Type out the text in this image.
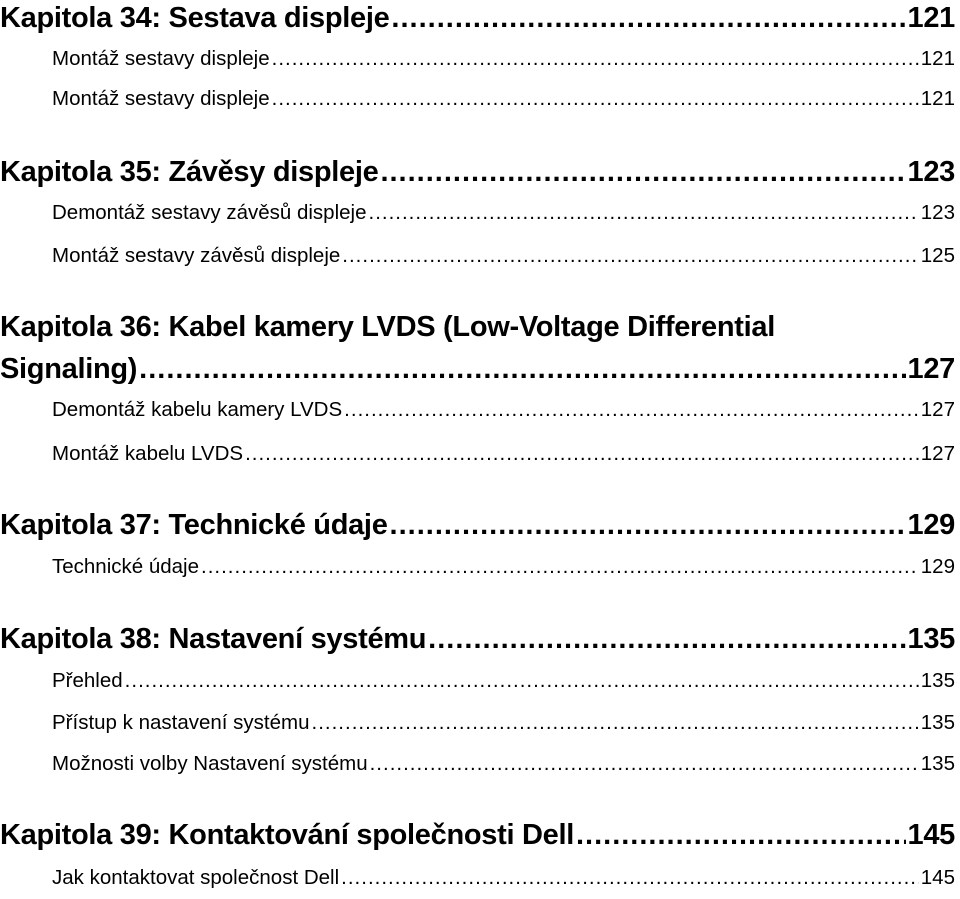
Kapitola 34: Sestava displeje .....	121
Montáž sestavy displeje .....	121
Montáž sestavy displeje .....	121
Kapitola 35: Závěsy displeje .....	123
Demontáž sestavy závěsů displeje .....	123
Montáž sestavy závěsů displeje .....	125
Kapitola 36: Kabel kamery LVDS (Low-Voltage Differential
Signaling) .....	127
Demontáž kabelu kamery LVDS .....	127
Montáž kabelu LVDS .....	127
Kapitola 37: Technické údaje .....	129
Technické údaje .....	129
Kapitola 38: Nastavení systému .....	135
Přehled .....	135
Přístup k nastavení systému .....	135
Možnosti volby Nastavení systému .....	135
Kapitola 39: Kontaktování společnosti Dell .....	145
Jak kontaktovat společnost Dell .....	145
